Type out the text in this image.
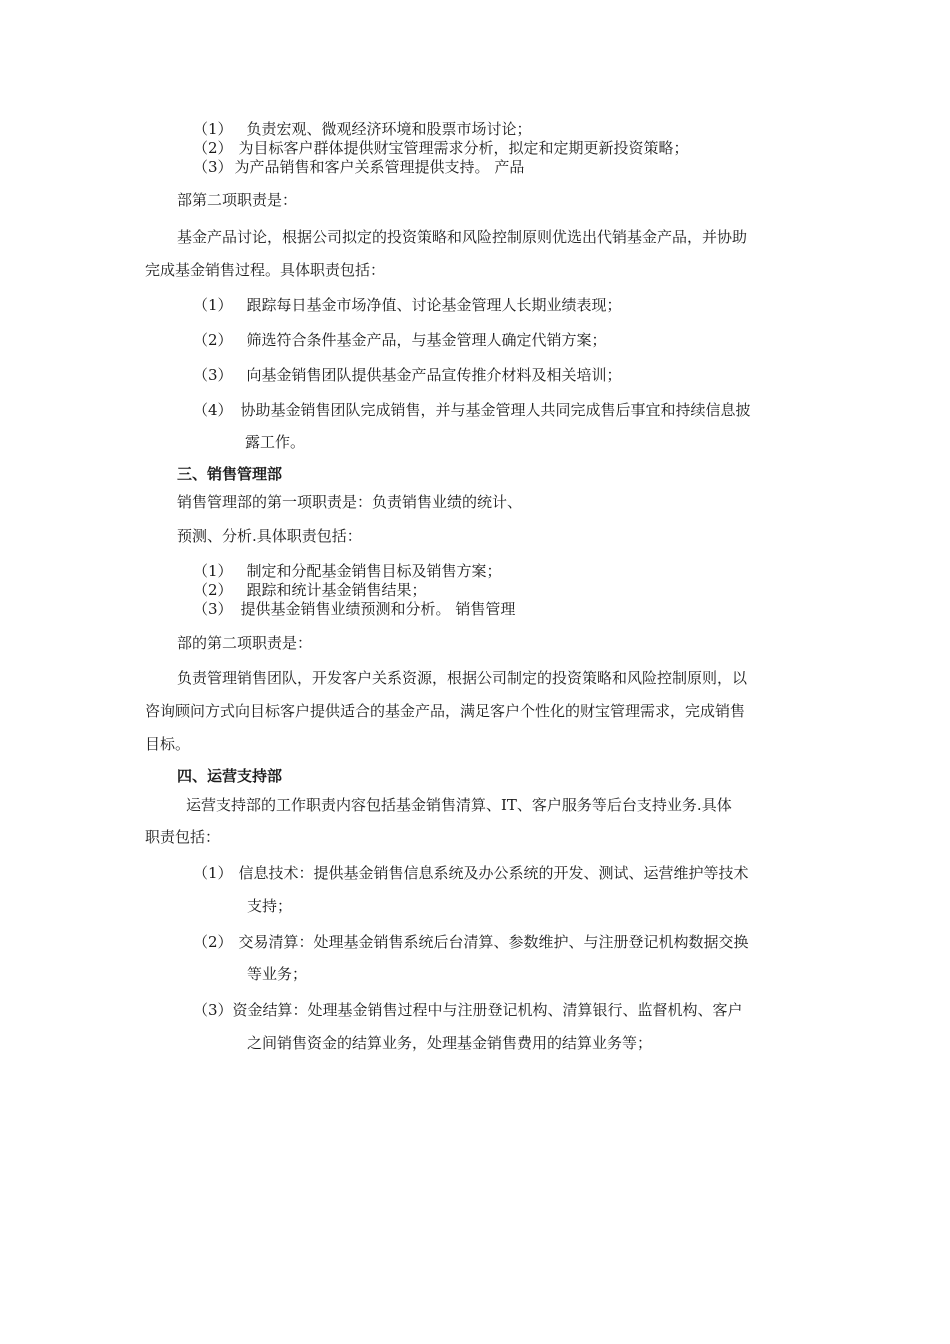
（1） 负责宏观、微观经济环境和股票市场讨论；
（2） 为目标客户群体提供财宝管理需求分析，拟定和定期更新投资策略；
（3） 为产品销售和客户关系管理提供支持。 产品
部第二项职责是：
基金产品讨论，根据公司拟定的投资策略和风险控制原则优选出代销基金产品，并协助
完成基金销售过程。具体职责包括：
（1） 跟踪每日基金市场净值、讨论基金管理人长期业绩表现；
（2） 筛选符合条件基金产品，与基金管理人确定代销方案；
（3） 向基金销售团队提供基金产品宣传推介材料及相关培训；
（4） 协助基金销售团队完成销售，并与基金管理人共同完成售后事宜和持续信息披
露工作。
三、销售管理部
销售管理部的第一项职责是：负责销售业绩的统计、
预测、分析.具体职责包括：
（1） 制定和分配基金销售目标及销售方案；
（2） 跟踪和统计基金销售结果；
（3） 提供基金销售业绩预测和分析。 销售管理
部的第二项职责是：
负责管理销售团队，开发客户关系资源，根据公司制定的投资策略和风险控制原则，以
咨询顾问方式向目标客户提供适合的基金产品，满足客户个性化的财宝管理需求，完成销售
目标。
四、运营支持部
运营支持部的工作职责内容包括基金销售清算、IT、客户服务等后台支持业务.具体
职责包括：
（1） 信息技术：提供基金销售信息系统及办公系统的开发、测试、运营维护等技术
支持；
（2） 交易清算：处理基金销售系统后台清算、参数维护、与注册登记机构数据交换
等业务；
（3）资金结算：处理基金销售过程中与注册登记机构、清算银行、监督机构、客户
之间销售资金的结算业务，处理基金销售费用的结算业务等；
